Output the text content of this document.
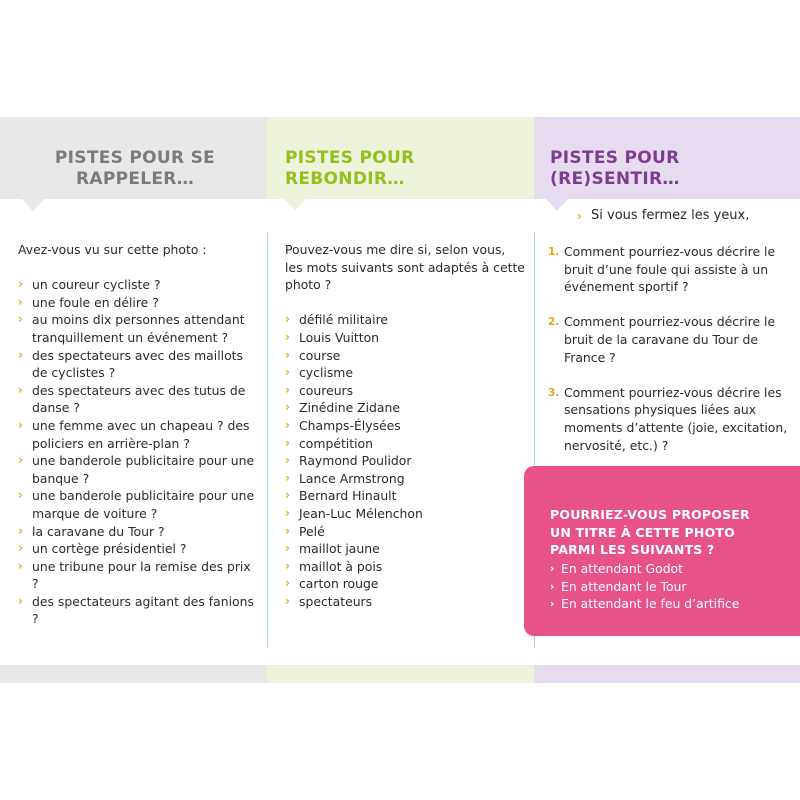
PISTES POUR SE RAPPELER…
PISTES POUR REBONDIR…
PISTES POUR (RE)SENTIR…
Avez-vous vu sur cette photo :
› un coureur cycliste ?
› une foule en délire ?
› au moins dix personnes attendant tranquillement un événement ?
› des spectateurs avec des maillots de cyclistes ?
› des spectateurs avec des tutus de danse ?
› une femme avec un chapeau ? des policiers en arrière-plan ?
› une banderole publicitaire pour une banque ?
› une banderole publicitaire pour une marque de voiture ?
› la caravane du Tour ?
› un cortège présidentiel ?
› une tribune pour la remise des prix ?
› des spectateurs agitant des fanions ?
Pouvez-vous me dire si, selon vous, les mots suivants sont adaptés à cette photo ?
› défilé militaire
› Louis Vuitton
› course
› cyclisme
› coureurs
› Zinédine Zidane
› Champs-Élysées
› compétition
› Raymond Poulidor
› Lance Armstrong
› Bernard Hinault
› Jean-Luc Mélenchon
› Pelé
› maillot jaune
› maillot à pois
› carton rouge
› spectateurs
› Si vous fermez les yeux,
1. Comment pourriez-vous décrire le bruit d’une foule qui assiste à un événement sportif ?
2. Comment pourriez-vous décrire le bruit de la caravane du Tour de France ?
3. Comment pourriez-vous décrire les sensations physiques liées aux moments d’attente (joie, excitation, nervosité, etc.) ?
POURRIEZ-VOUS PROPOSER UN TITRE À CETTE PHOTO PARMI LES SUIVANTS ?
› En attendant Godot
› En attendant le Tour
› En attendant le feu d’artifice
